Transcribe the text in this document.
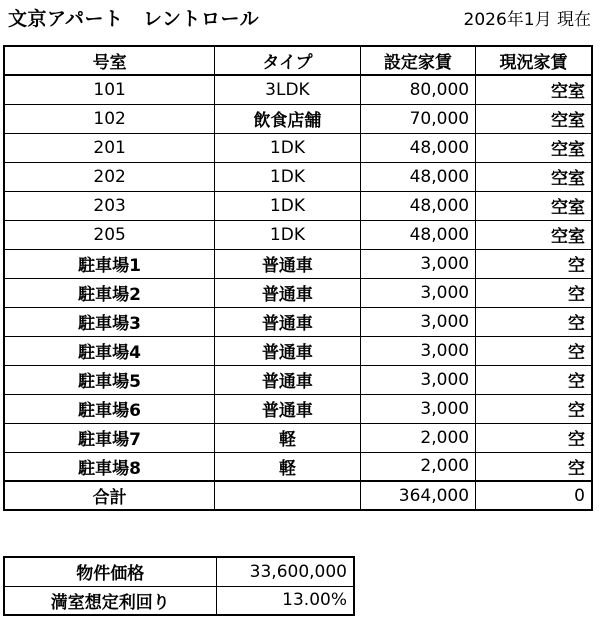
文京アパート　レントロール	2026年1月 現在
号室	タイプ	設定家賃	現況家賃
101	3LDK	80,000	空室
102	飲食店舗	70,000	空室
201	1DK	48,000	空室
202	1DK	48,000	空室
203	1DK	48,000	空室
205	1DK	48,000	空室
駐車場1	普通車	3,000	空
駐車場2	普通車	3,000	空
駐車場3	普通車	3,000	空
駐車場4	普通車	3,000	空
駐車場5	普通車	3,000	空
駐車場6	普通車	3,000	空
駐車場7	軽	2,000	空
駐車場8	軽	2,000	空
合計		364,000	0
物件価格	33,600,000
満室想定利回り	13.00%
